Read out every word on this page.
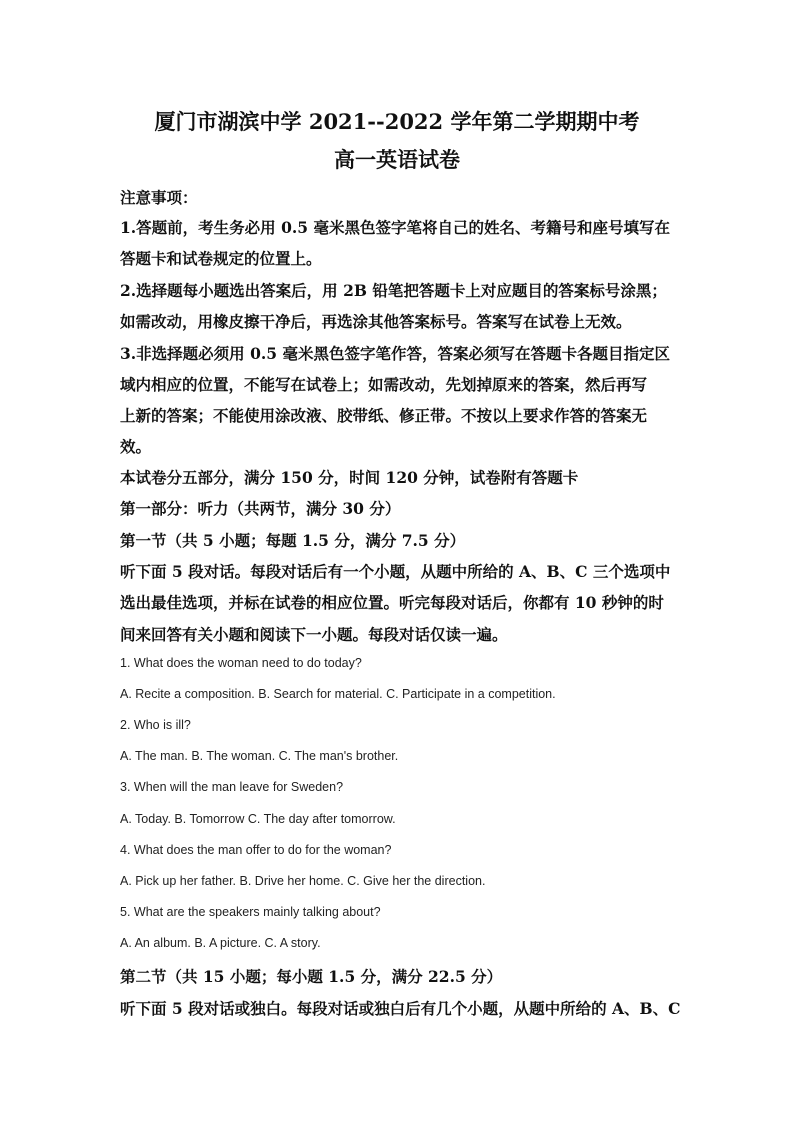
厦门市湖滨中学 2021--2022 学年第二学期期中考
高一英语试卷
注意事项：
1.答题前，考生务必用 0.5 毫米黑色签字笔将自己的姓名、考籍号和座号填写在
答题卡和试卷规定的位置上。
2.选择题每小题选出答案后，用 2B 铅笔把答题卡上对应题目的答案标号涂黑；
如需改动，用橡皮擦干净后，再选涂其他答案标号。答案写在试卷上无效。
3.非选择题必须用 0.5 毫米黑色签字笔作答，答案必须写在答题卡各题目指定区
域内相应的位置，不能写在试卷上；如需改动，先划掉原来的答案，然后再写
上新的答案；不能使用涂改液、胶带纸、修正带。不按以上要求作答的答案无
效。
本试卷分五部分，满分 150 分，时间 120 分钟，试卷附有答题卡
第一部分：听力（共两节，满分 30 分）
第一节（共 5 小题；每题 1.5 分，满分 7.5 分）
听下面 5 段对话。每段对话后有一个小题，从题中所给的 A、B、C 三个选项中
选出最佳选项，并标在试卷的相应位置。听完每段对话后，你都有 10 秒钟的时
间来回答有关小题和阅读下一小题。每段对话仅读一遍。
1. What does the woman need to do today?
A. Recite a composition. B. Search for material. C. Participate in a competition.
2. Who is ill?
A. The man. B. The woman. C. The man's brother.
3. When will the man leave for Sweden?
A. Today. B. Tomorrow C. The day after tomorrow.
4. What does the man offer to do for the woman?
A. Pick up her father. B. Drive her home. C. Give her the direction.
5. What are the speakers mainly talking about?
A. An album. B. A picture. C. A story.
第二节（共 15 小题；每小题 1.5 分，满分 22.5 分）
听下面 5 段对话或独白。每段对话或独白后有几个小题，从题中所给的 A、B、C
